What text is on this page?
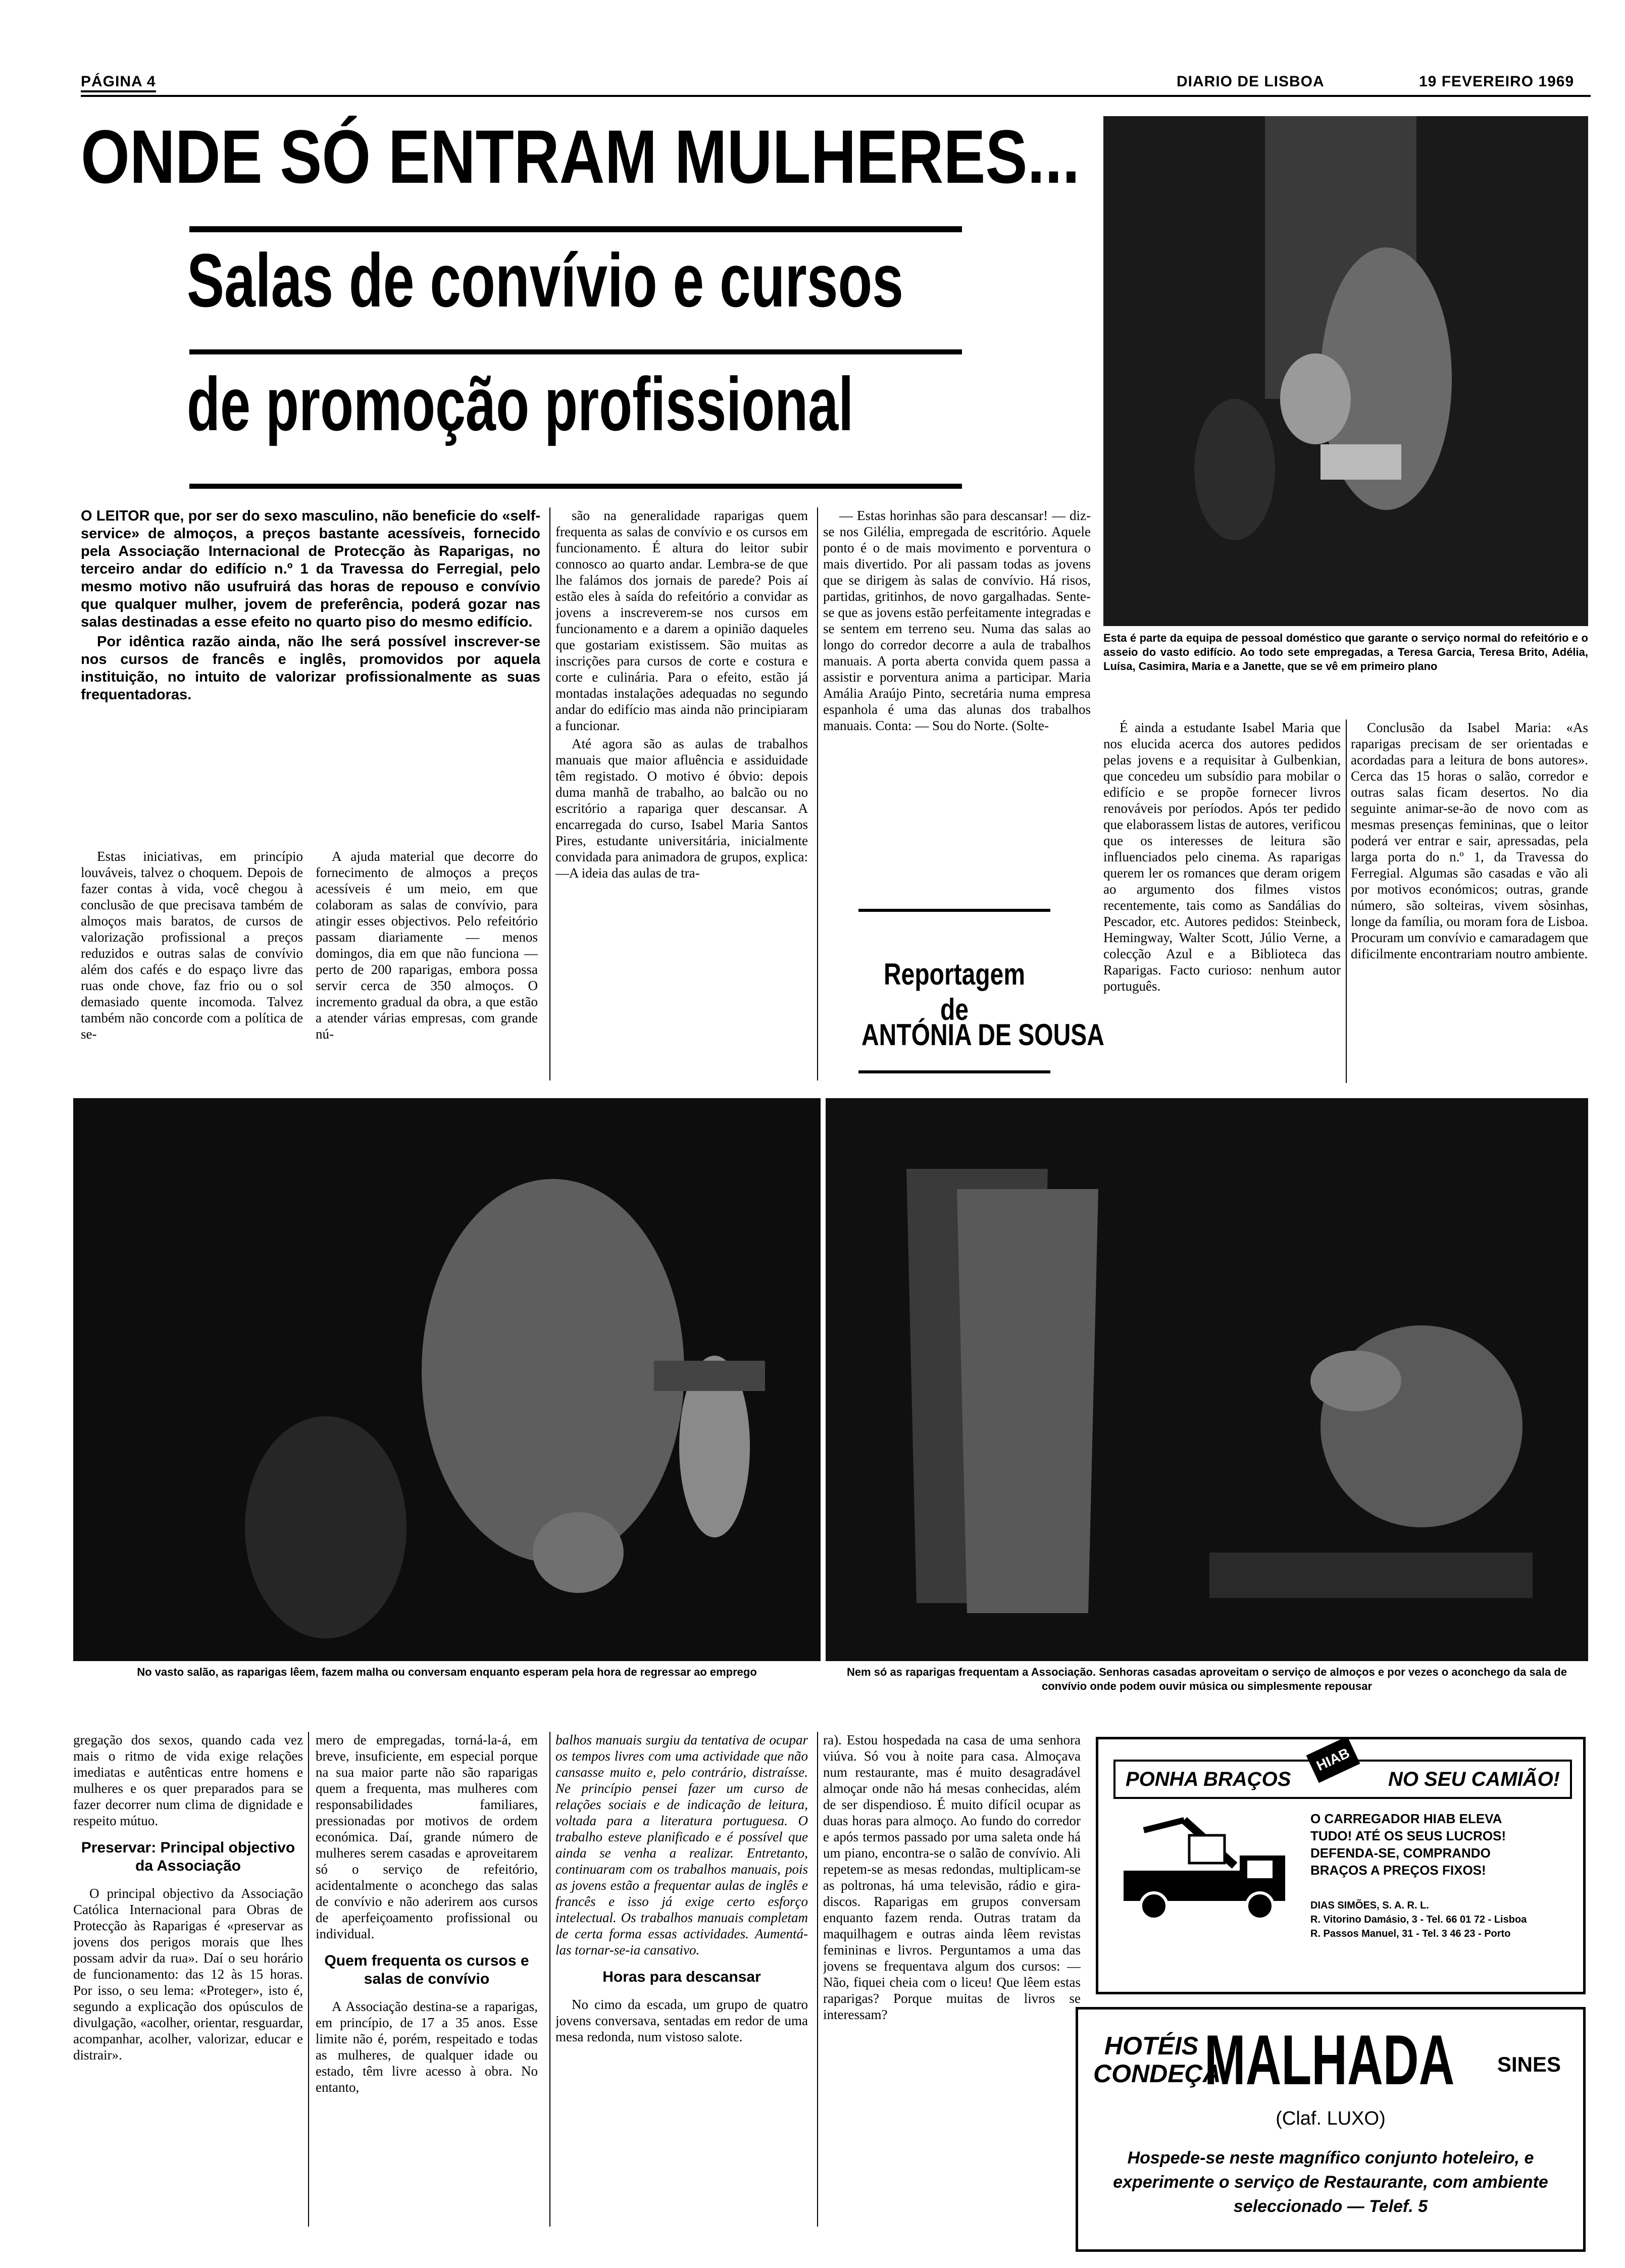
PÁGINA 4	DIARIO DE LISBOA	19 FEVEREIRO 1969
ONDE SÓ ENTRAM MULHERES...
Salas de convívio e cursos
de promoção profissional
Esta é parte da equipa de pessoal doméstico que garante o serviço normal do refeitório e o asseio do vasto edifício. Ao todo sete empregadas, a Teresa Garcia, Teresa Brito, Adélia, Luísa, Casimira, Maria e a Janette, que se vê em primeiro plano

O LEITOR que, por ser do sexo masculino, não beneficie do «self-service» de almoços, a preços bastante acessíveis, fornecido pela Associação Internacional de Protecção às Raparigas, no terceiro andar do edifício n.º 1 da Travessa do Ferregial, pelo mesmo motivo não usufruirá das horas de repouso e convívio que qualquer mulher, jovem de preferência, poderá gozar nas salas destinadas a esse efeito no quarto piso do mesmo edifício.

Por idêntica razão ainda, não lhe será possível inscrever-se nos cursos de francês e inglês, promovidos por aquela instituição, no intuito de valorizar profissionalmente as suas frequentadoras.

Estas iniciativas, em princípio louváveis, talvez o choquem. Depois de fazer contas à vida, você chegou à conclusão de que precisava também de almoços mais baratos, de cursos de valorização profissional a preços reduzidos e outras salas de convívio além dos cafés e do espaço livre das ruas onde chove, faz frio ou o sol demasiado quente incomoda. Talvez também não concorde com a política de se-

A ajuda material que decorre do fornecimento de almoços a preços acessíveis é um meio, em que colaboram as salas de convívio, para atingir esses objectivos. Pelo refeitório passam diariamente — menos domingos, dia em que não funciona — perto de 200 raparigas, embora possa servir cerca de 350 almoços. O incremento gradual da obra, a que estão a atender várias empresas, com grande nú-

são na generalidade raparigas quem frequenta as salas de convívio e os cursos em funcionamento. É altura do leitor subir connosco ao quarto andar. Lembra-se de que lhe falámos dos jornais de parede? Pois aí estão eles à saída do refeitório a convidar as jovens a inscreverem-se nos cursos em funcionamento e a darem a opinião daqueles que gostariam existissem. São muitas as inscrições para cursos de corte e costura e corte e culinária. Para o efeito, estão já montadas instalações adequadas no segundo andar do edifício mas ainda não principiaram a funcionar.

Até agora são as aulas de trabalhos manuais que maior afluência e assiduidade têm registado. O motivo é óbvio: depois duma manhã de trabalho, ao balcão ou no escritório a rapariga quer descansar. A encarregada do curso, Isabel Maria Santos Pires, estudante universitária, inicialmente convidada para animadora de grupos, explica: —A ideia das aulas de tra-

— Estas horinhas são para descansar! — diz-se nos Gilélia, empregada de escritório. Aquele ponto é o de mais movimento e porventura o mais divertido. Por ali passam todas as jovens que se dirigem às salas de convívio. Há risos, partidas, gritinhos, de novo gargalhadas. Sente-se que as jovens estão perfeitamente integradas e se sentem em terreno seu. Numa das salas ao longo do corredor decorre a aula de trabalhos manuais. A porta aberta convida quem passa a assistir e porventura anima a participar. Maria Amália Araújo Pinto, secretária numa empresa espanhola é uma das alunas dos trabalhos manuais. Conta: — Sou do Norte. (Solte-

Reportagem de
ANTÓNIA DE SOUSA

É ainda a estudante Isabel Maria que nos elucida acerca dos autores pedidos pelas jovens e a requisitar à Gulbenkian, que concedeu um subsídio para mobilar o edifício e se propõe fornecer livros renováveis por períodos. Após ter pedido que elaborassem listas de autores, verificou que os interesses de leitura são influenciados pelo cinema. As raparigas querem ler os romances que deram origem ao argumento dos filmes vistos recentemente, tais como as Sandálias do Pescador, etc. Autores pedidos: Steinbeck, Hemingway, Walter Scott, Júlio Verne, a colecção Azul e a Biblioteca das Raparigas. Facto curioso: nenhum autor português.

Conclusão da Isabel Maria: «As raparigas precisam de ser orientadas e acordadas para a leitura de bons autores». Cerca das 15 horas o salão, corredor e outras salas ficam desertos. No dia seguinte animar-se-ão de novo com as mesmas presenças femininas, que o leitor poderá ver entrar e sair, apressadas, pela larga porta do n.º 1, da Travessa do Ferregial. Algumas são casadas e vão ali por motivos económicos; outras, grande número, são solteiras, vivem sòsinhas, longe da família, ou moram fora de Lisboa. Procuram um convívio e camaradagem que dificilmente encontrariam noutro ambiente.

No vasto salão, as raparigas lêem, fazem malha ou conversam enquanto esperam pela hora de regressar ao emprego	Nem só as raparigas frequentam a Associação. Senhoras casadas aproveitam o serviço de almoços e por vezes o aconchego da sala de convívio onde podem ouvir música ou simplesmente repousar

gregação dos sexos, quando cada vez mais o ritmo de vida exige relações imediatas e autênticas entre homens e mulheres e os quer preparados para se fazer decorrer num clima de dignidade e respeito mútuo.

Preservar: Principal objectivo da Associação

O principal objectivo da Associação Católica Internacional para Obras de Protecção às Raparigas é «preservar as jovens dos perigos morais que lhes possam advir da rua». Daí o seu horário de funcionamento: das 12 às 15 horas. Por isso, o seu lema: «Proteger», isto é, segundo a explicação dos opúsculos de divulgação, «acolher, orientar, resguardar, acompanhar, acolher, valorizar, educar e distrair».

mero de empregadas, torná-la-á, em breve, insuficiente, em especial porque na sua maior parte não são raparigas quem a frequenta, mas mulheres com responsabilidades familiares, pressionadas por motivos de ordem económica. Daí, grande número de mulheres serem casadas e aproveitarem só o serviço de refeitório, acidentalmente o aconchego das salas de convívio e não aderirem aos cursos de aperfeiçoamento profissional ou individual.

Quem frequenta os cursos e salas de convívio

A Associação destina-se a raparigas, em princípio, de 17 a 35 anos. Esse limite não é, porém, respeitado e todas as mulheres, de qualquer idade ou estado, têm livre acesso à obra. No entanto,

balhos manuais surgiu da tentativa de ocupar os tempos livres com uma actividade que não cansasse muito e, pelo contrário, distraísse. Ne princípio pensei fazer um curso de relações sociais e de indicação de leitura, voltada para a literatura portuguesa. O trabalho esteve planificado e é possível que ainda se venha a realizar. Entretanto, continuaram com os trabalhos manuais, pois as jovens estão a frequentar aulas de inglês e francês e isso já exige certo esforço intelectual. Os trabalhos manuais completam de certa forma essas actividades. Aumentá-las tornar-se-ia cansativo.

Horas para descansar

No cimo da escada, um grupo de quatro jovens conversava, sentadas em redor de uma mesa redonda, num vistoso salote.

ra). Estou hospedada na casa de uma senhora viúva. Só vou à noite para casa. Almoçava num restaurante, mas é muito desagradável almoçar onde não há mesas conhecidas, além de ser dispendioso. É muito difícil ocupar as duas horas para almoço. Ao fundo do corredor e após termos passado por uma saleta onde há um piano, encontra-se o salão de convívio. Ali repetem-se as mesas redondas, multiplicam-se as poltronas, há uma televisão, rádio e gira-discos. Raparigas em grupos conversam enquanto fazem renda. Outras tratam da maquilhagem e outras ainda lêem revistas femininas e livros. Perguntamos a uma das jovens se frequentava algum dos cursos: — Não, fiquei cheia com o liceu! Que lêem estas raparigas? Porque muitas de livros se interessam?

PONHA BRAÇOS	NO SEU CAMIÃO!
HIAB
O CARREGADOR HIAB ELEVA
TUDO! ATÉ OS SEUS LUCROS!
DEFENDA-SE, COMPRANDO
BRAÇOS A PREÇOS FIXOS!
DIAS SIMÕES, S. A. R. L.
R. Vitorino Damásio, 3 - Tel. 66 01 72 - Lisboa
R. Passos Manuel, 31 - Tel. 3 46 23 - Porto
HOTÉIS
CONDEÇA
MALHADA SINES
(Claf. LUXO)
Hospede-se neste magnífico conjunto hoteleiro, e experimente o serviço de Restaurante, com ambiente seleccionado — Telef. 5
